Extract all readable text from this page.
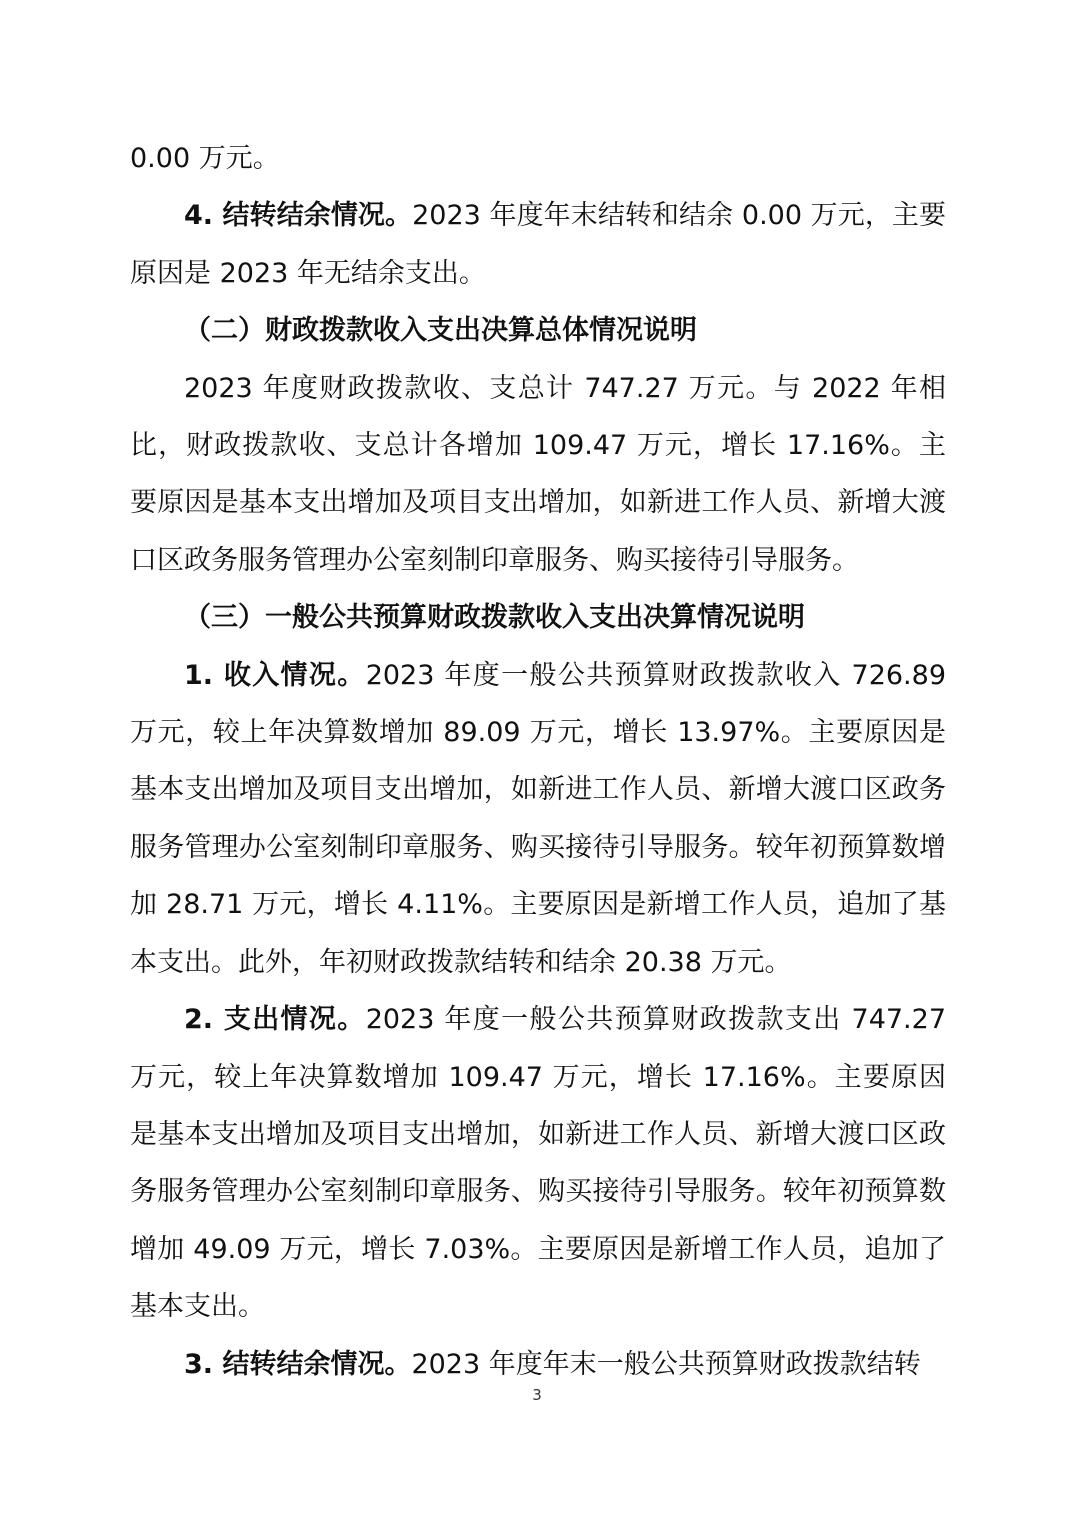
0.00 万元。

4. 结转结余情况。2023 年度年末结转和结余 0.00 万元，主要原因是 2023 年无结余支出。

（二）财政拨款收入支出决算总体情况说明

2023 年度财政拨款收、支总计 747.27 万元。与 2022 年相比，财政拨款收、支总计各增加 109.47 万元，增长 17.16%。主要原因是基本支出增加及项目支出增加，如新进工作人员、新增大渡口区政务服务管理办公室刻制印章服务、购买接待引导服务。

（三）一般公共预算财政拨款收入支出决算情况说明

1. 收入情况。2023 年度一般公共预算财政拨款收入 726.89 万元，较上年决算数增加 89.09 万元，增长 13.97%。主要原因是基本支出增加及项目支出增加，如新进工作人员、新增大渡口区政务服务管理办公室刻制印章服务、购买接待引导服务。较年初预算数增加 28.71 万元，增长 4.11%。主要原因是新增工作人员，追加了基本支出。此外，年初财政拨款结转和结余 20.38 万元。

2. 支出情况。2023 年度一般公共预算财政拨款支出 747.27 万元，较上年决算数增加 109.47 万元，增长 17.16%。主要原因是基本支出增加及项目支出增加，如新进工作人员、新增大渡口区政务服务管理办公室刻制印章服务、购买接待引导服务。较年初预算数增加 49.09 万元，增长 7.03%。主要原因是新增工作人员，追加了基本支出。

3. 结转结余情况。2023 年度年末一般公共预算财政拨款结转

3
